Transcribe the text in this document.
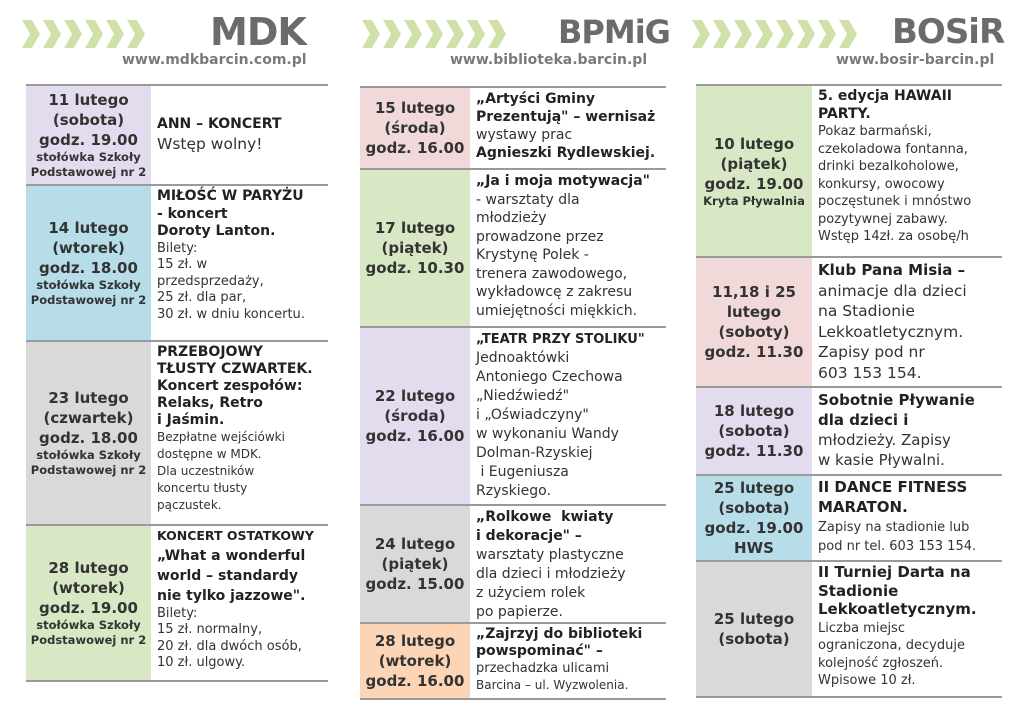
MDK
www.mdkbarcin.com.pl
11 lutego
(sobota)
godz. 19.00
stołówka Szkoły
Podstawowej nr 2
ANN – KONCERT
Wstęp wolny!
14 lutego
(wtorek)
godz. 18.00
stołówka Szkoły
Podstawowej nr 2
MIŁOŚĆ W PARYŻU
- koncert
Doroty Lanton.
Bilety:
15 zł. w
przedsprzedaży,
25 zł. dla par,
30 zł. w dniu koncertu.
23 lutego
(czwartek)
godz. 18.00
stołówka Szkoły
Podstawowej nr 2
PRZEBOJOWY
TŁUSTY CZWARTEK.
Koncert zespołów:
Relaks, Retro
i Jaśmin.
Bezpłatne wejściówki
dostępne w MDK.
Dla uczestników
koncertu tłusty
pączustek.
28 lutego
(wtorek)
godz. 19.00
stołówka Szkoły
Podstawowej nr 2
KONCERT OSTATKOWY
„What a wonderful
world – standardy
nie tylko jazzowe".
Bilety:
15 zł. normalny,
20 zł. dla dwóch osób,
10 zł. ulgowy.
BPMiG
www.biblioteka.barcin.pl
15 lutego
(środa)
godz. 16.00
„Artyści Gminy
Prezentują" – wernisaż
wystawy prac
Agnieszki Rydlewskiej.
17 lutego
(piątek)
godz. 10.30
„Ja i moja motywacja"
- warsztaty dla
młodzieży
prowadzone przez
Krystynę Polek -
trenera zawodowego,
wykładowcę z zakresu
umiejętności miękkich.
22 lutego
(środa)
godz. 16.00
„TEATR PRZY STOLIKU"
Jednoaktówki
Antoniego Czechowa
„Niedźwiedź"
i „Oświadczyny"
w wykonaniu Wandy
Dolman-Rzyskiej
i Eugeniusza
Rzyskiego.
24 lutego
(piątek)
godz. 15.00
„Rolkowe  kwiaty
i dekoracje" –
warsztaty plastyczne
dla dzieci i młodzieży
z użyciem rolek
po papierze.
28 lutego
(wtorek)
godz. 16.00
„Zajrzyj do biblioteki
powspominać" –
przechadzka ulicami
Barcina – ul. Wyzwolenia.
BOSiR
www.bosir-barcin.pl
10 lutego
(piątek)
godz. 19.00
Kryta Pływalnia
5. edycja HAWAII
PARTY.
Pokaz barmański,
czekoladowa fontanna,
drinki bezalkoholowe,
konkursy, owocowy
poczęstunek i mnóstwo
pozytywnej zabawy.
Wstęp 14zł. za osobę/h
11,18 i 25
lutego
(soboty)
godz. 11.30
Klub Pana Misia –
animacje dla dzieci
na Stadionie
Lekkoatletycznym.
Zapisy pod nr
603 153 154.
18 lutego
(sobota)
godz. 11.30
Sobotnie Pływanie
dla dzieci i
młodzieży. Zapisy
w kasie Pływalni.
25 lutego
(sobota)
godz. 19.00
HWS
II DANCE FITNESS
MARATON.
Zapisy na stadionie lub
pod nr tel. 603 153 154.
25 lutego
(sobota)
II Turniej Darta na
Stadionie
Lekkoatletycznym.
Liczba miejsc
ograniczona, decyduje
kolejność zgłoszeń.
Wpisowe 10 zł.
